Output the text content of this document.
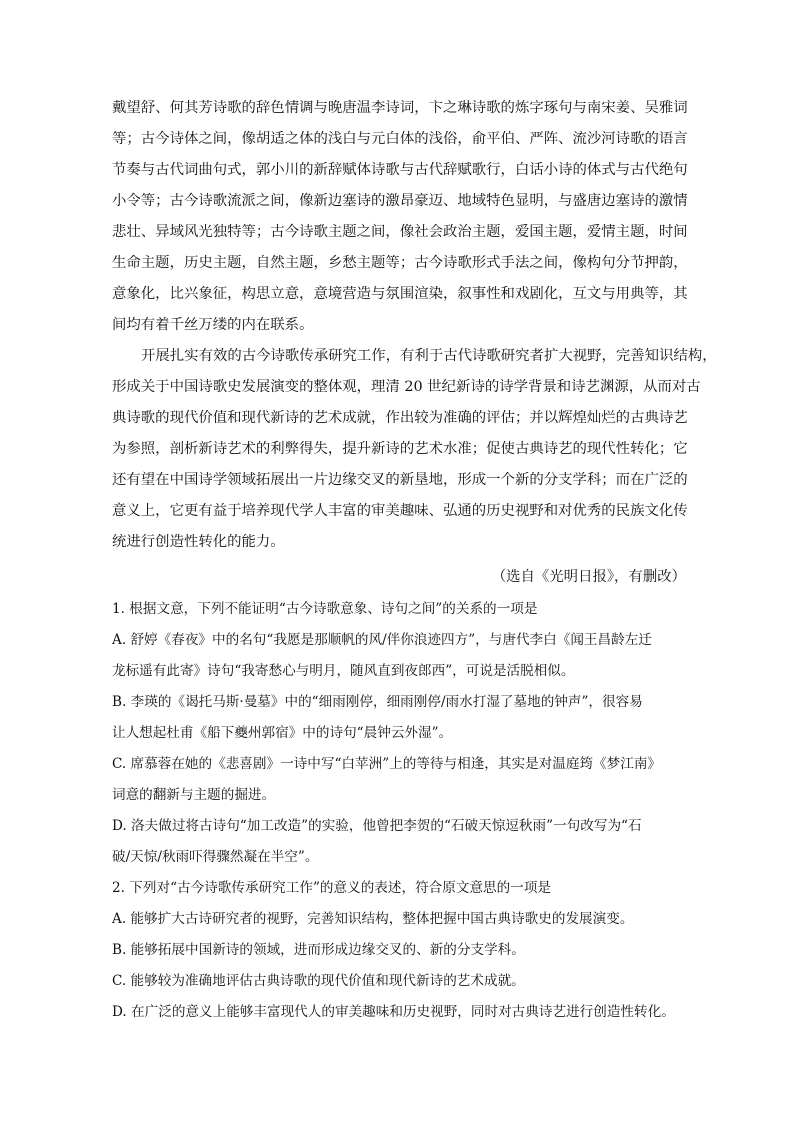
戴望舒、何其芳诗歌的辞色情调与晚唐温李诗词，卞之琳诗歌的炼字琢句与南宋姜、吴雅词
等；古今诗体之间，像胡适之体的浅白与元白体的浅俗，俞平伯、严阵、流沙河诗歌的语言
节奏与古代词曲句式，郭小川的新辞赋体诗歌与古代辞赋歌行，白话小诗的体式与古代绝句
小令等；古今诗歌流派之间，像新边塞诗的激昂豪迈、地域特色显明，与盛唐边塞诗的激情
悲壮、异域风光独特等；古今诗歌主题之间，像社会政治主题，爱国主题，爱情主题，时间
生命主题，历史主题，自然主题，乡愁主题等；古今诗歌形式手法之间，像构句分节押韵，
意象化，比兴象征，构思立意，意境营造与氛围渲染，叙事性和戏剧化，互文与用典等，其
间均有着千丝万缕的内在联系。
开展扎实有效的古今诗歌传承研究工作，有利于古代诗歌研究者扩大视野，完善知识结构，
形成关于中国诗歌史发展演变的整体观，理清 20 世纪新诗的诗学背景和诗艺渊源，从而对古
典诗歌的现代价值和现代新诗的艺术成就，作出较为准确的评估；并以辉煌灿烂的古典诗艺
为参照，剖析新诗艺术的利弊得失，提升新诗的艺术水准；促使古典诗艺的现代性转化；它
还有望在中国诗学领域拓展出一片边缘交叉的新垦地，形成一个新的分支学科；而在广泛的
意义上，它更有益于培养现代学人丰富的审美趣味、弘通的历史视野和对优秀的民族文化传
统进行创造性转化的能力。
（选自《光明日报》，有删改）
1. 根据文意，下列不能证明“古今诗歌意象、诗句之间”的关系的一项是
A. 舒婷《春夜》中的名句“我愿是那顺帆的风/伴你浪迹四方”，与唐代李白《闻王昌龄左迁
龙标遥有此寄》诗句“我寄愁心与明月，随风直到夜郎西”，可说是活脱相似。
B. 李瑛的《谒托马斯·曼墓》中的“细雨刚停，细雨刚停/雨水打湿了墓地的钟声”，很容易
让人想起杜甫《船下夔州郭宿》中的诗句“晨钟云外湿”。
C. 席慕蓉在她的《悲喜剧》一诗中写“白苹洲”上的等待与相逢，其实是对温庭筠《梦江南》
词意的翻新与主题的掘进。
D. 洛夫做过将古诗句“加工改造”的实验，他曾把李贺的“石破天惊逗秋雨”一句改写为“石
破/天惊/秋雨吓得骤然凝在半空”。
2. 下列对“古今诗歌传承研究工作”的意义的表述，符合原文意思的一项是
A. 能够扩大古诗研究者的视野，完善知识结构，整体把握中国古典诗歌史的发展演变。
B. 能够拓展中国新诗的领域，进而形成边缘交叉的、新的分支学科。
C. 能够较为准确地评估古典诗歌的现代价值和现代新诗的艺术成就。
D. 在广泛的意义上能够丰富现代人的审美趣味和历史视野，同时对古典诗艺进行创造性转化。
